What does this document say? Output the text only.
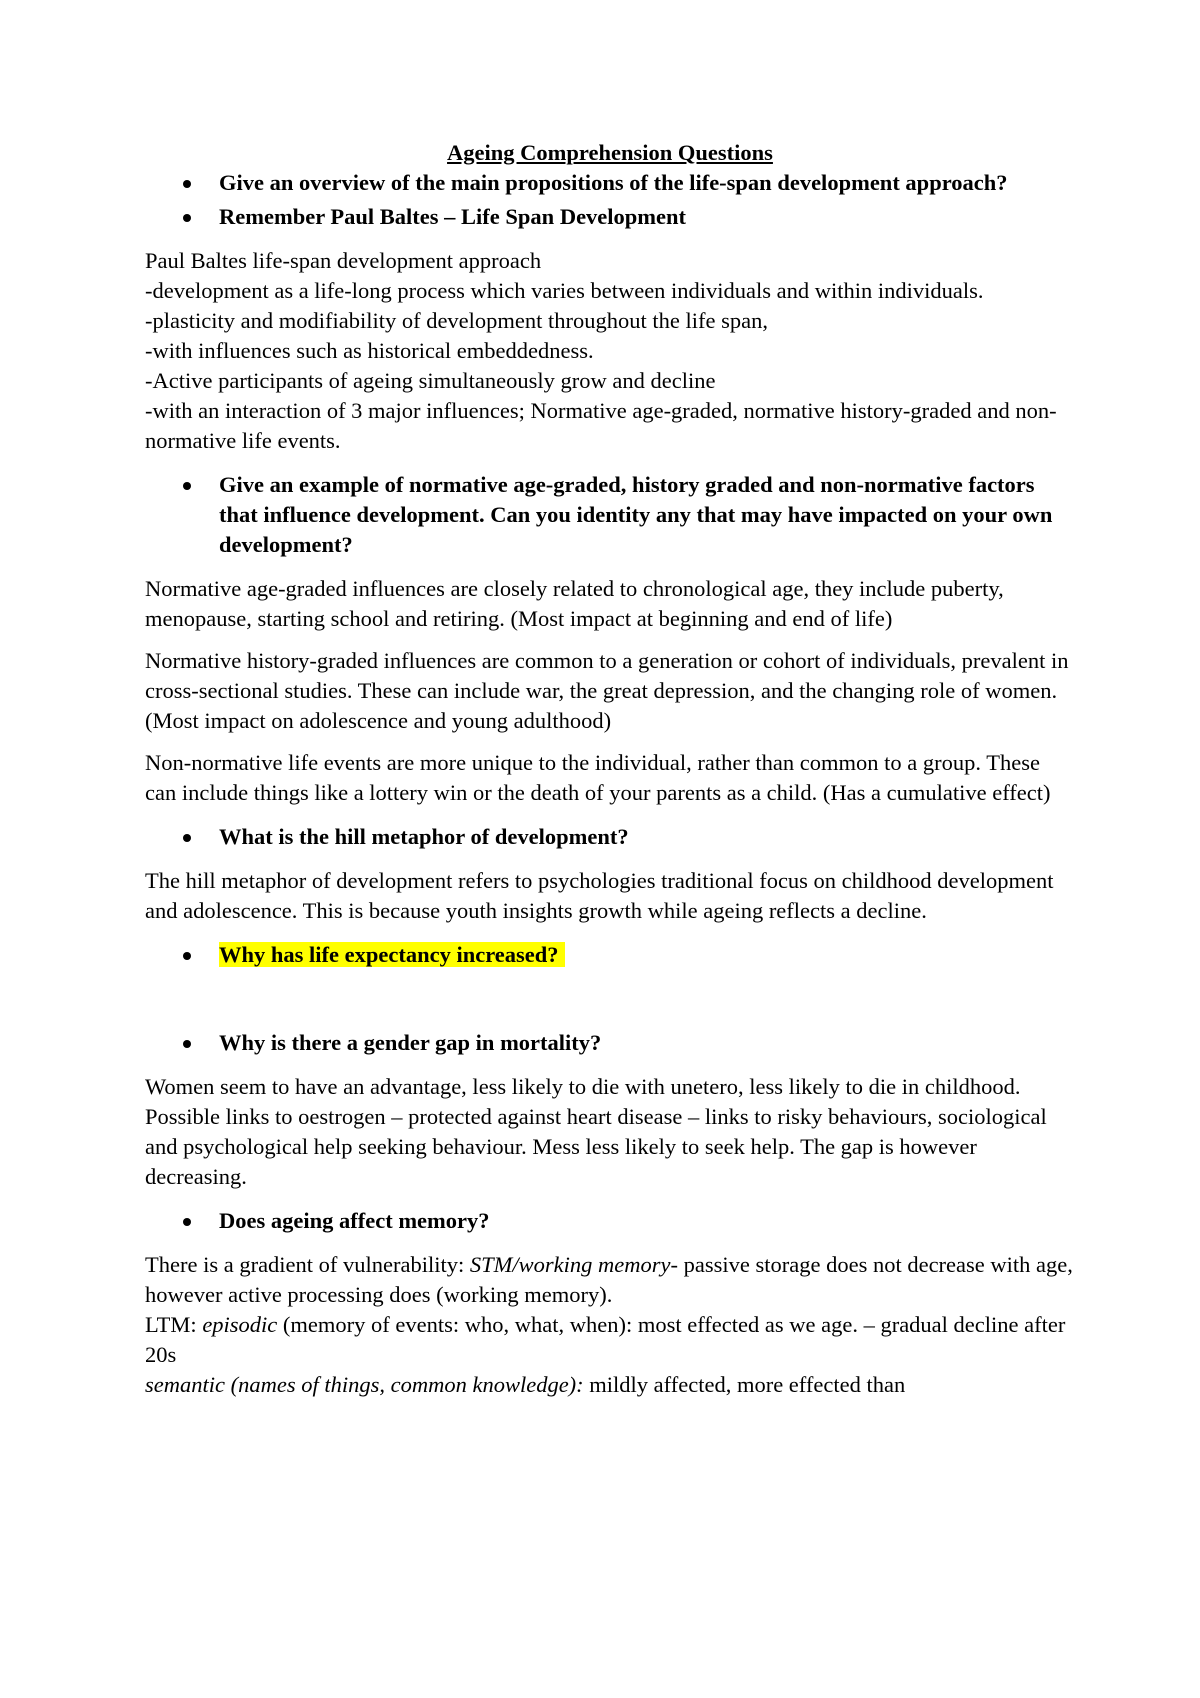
Ageing Comprehension Questions

Give an overview of the main propositions of the life-span development approach?

Remember Paul Baltes – Life Span Development

Paul Baltes life-span development approach
-development as a life-long process which varies between individuals and within individuals.
-plasticity and modifiability of development throughout the life span,
-with influences such as historical embeddedness.
-Active participants of ageing simultaneously grow and decline
-with an interaction of 3 major influences; Normative age-graded, normative history-graded and non-normative life events.

Give an example of normative age-graded, history graded and non-normative factors that influence development. Can you identity any that may have impacted on your own development?

Normative age-graded influences are closely related to chronological age, they include puberty, menopause, starting school and retiring. (Most impact at beginning and end of life)

Normative history-graded influences are common to a generation or cohort of individuals, prevalent in cross-sectional studies. These can include war, the great depression, and the changing role of women. (Most impact on adolescence and young adulthood)

Non-normative life events are more unique to the individual, rather than common to a group. These can include things like a lottery win or the death of your parents as a child. (Has a cumulative effect)

What is the hill metaphor of development?

The hill metaphor of development refers to psychologies traditional focus on childhood development and adolescence. This is because youth insights growth while ageing reflects a decline.

Why has life expectancy increased?

Why is there a gender gap in mortality?

Women seem to have an advantage, less likely to die with unetero, less likely to die in childhood. Possible links to oestrogen – protected against heart disease – links to risky behaviours, sociological and psychological help seeking behaviour. Mess less likely to seek help. The gap is however decreasing.

Does ageing affect memory?

There is a gradient of vulnerability: STM/working memory- passive storage does not decrease with age, however active processing does (working memory).
LTM: episodic (memory of events: who, what, when): most effected as we age. – gradual decline after 20s
semantic (names of things, common knowledge): mildly affected, more effected than
